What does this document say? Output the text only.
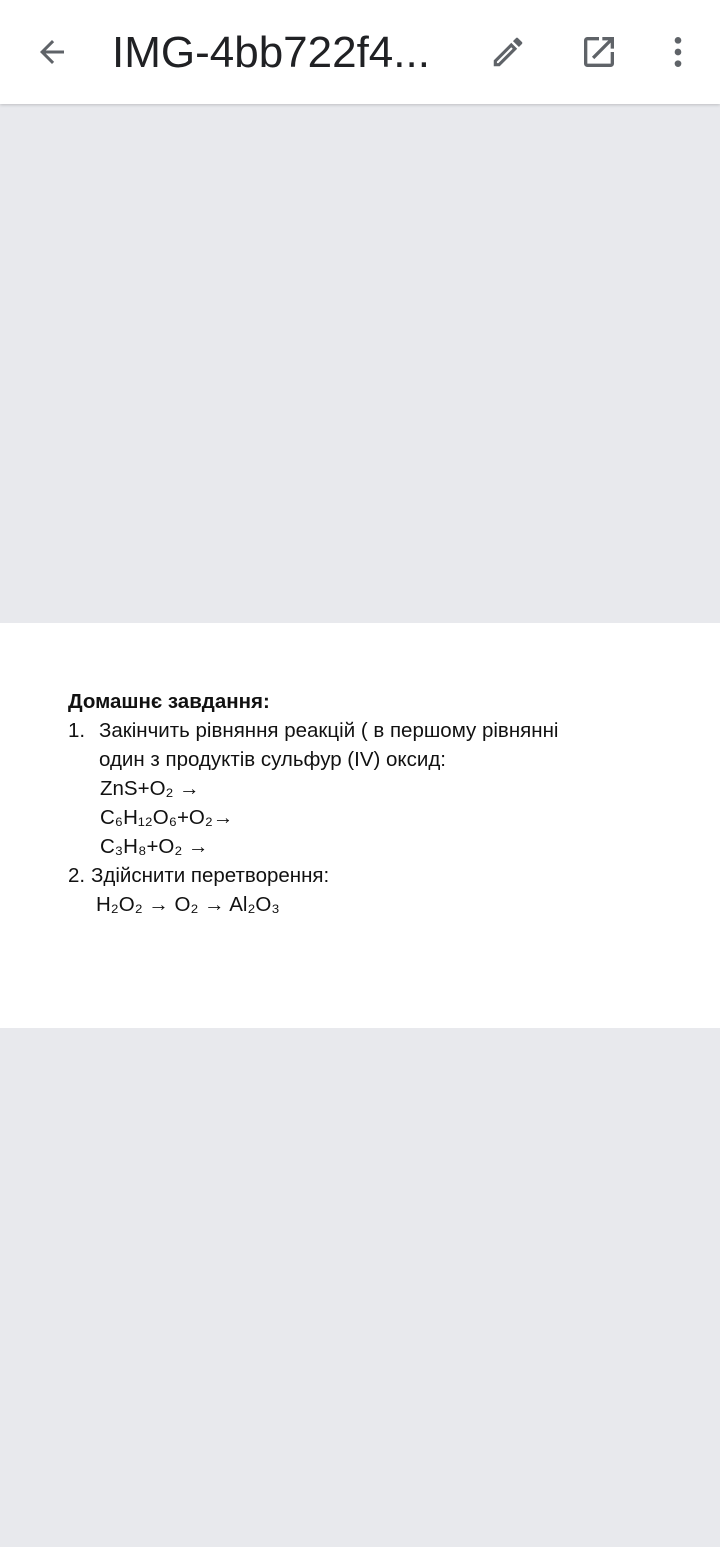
IMG-4bb722f4...
Домашнє завдання:
1. Закінчить рівняння реакцій ( в першому рівнянні
один з продуктів сульфур (IV) оксид:
ZnS+O₂ →
C₆H₁₂O₆+O₂→
C₃H₈+O₂ →
2. Здійснити перетворення:
H₂O₂ → O₂ → Al₂O₃
